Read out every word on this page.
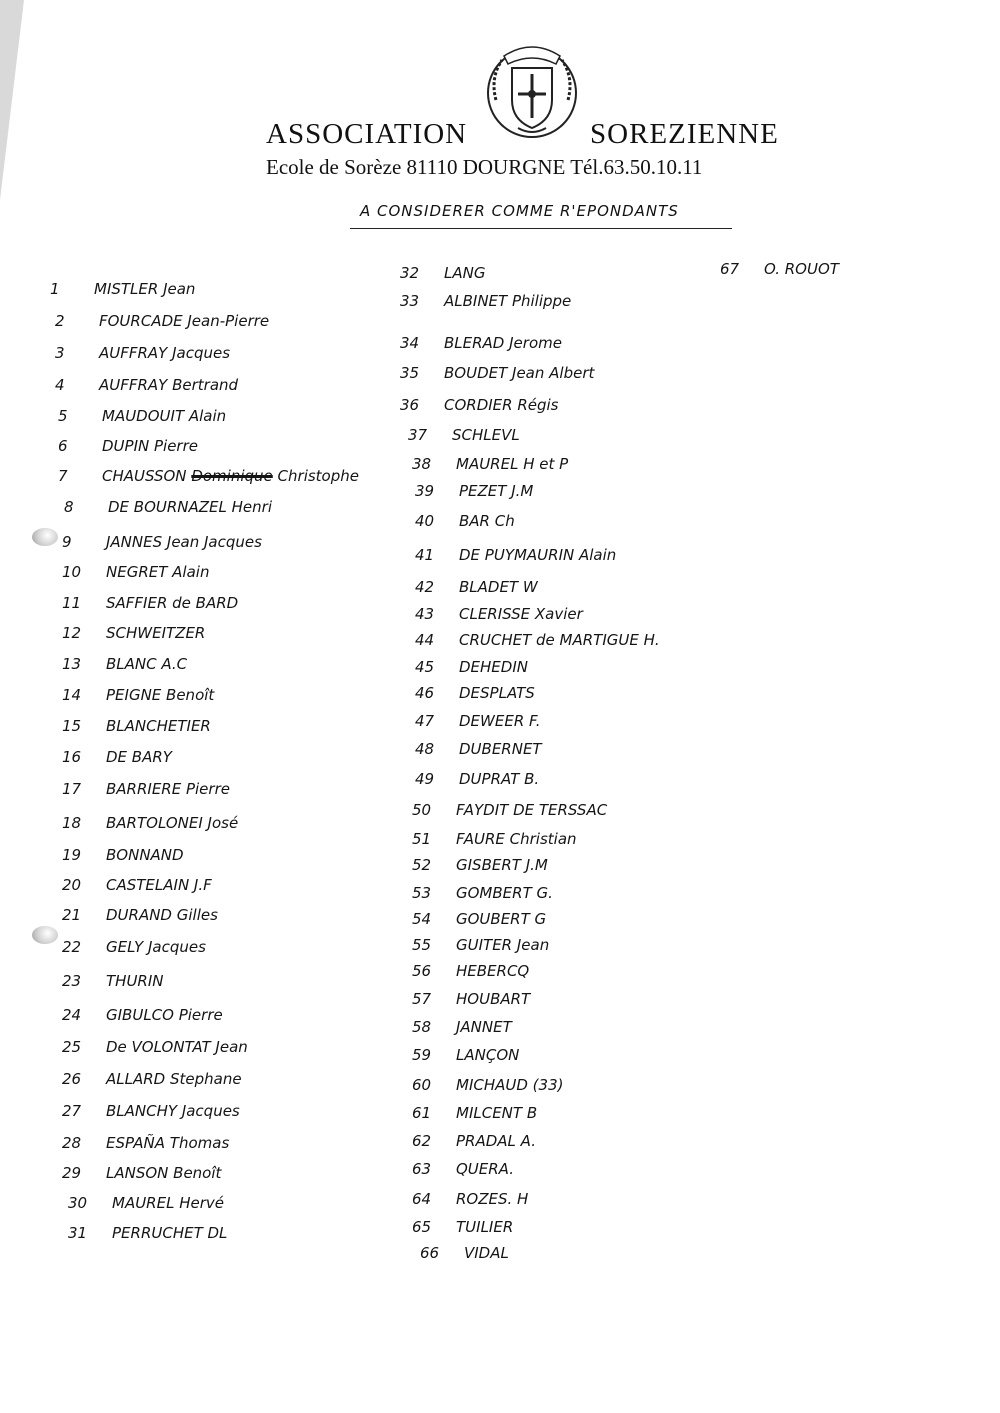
ASSOCIATION	SOREZIENNE
Ecole de Sorèze 81110 DOURGNE Tél.63.50.10.11
A CONSIDERER COMME R'EPONDANTS
1 MISTLER Jean
2 FOURCADE Jean-Pierre
3 AUFFRAY Jacques
4 AUFFRAY Bertrand
5 MAUDOUIT Alain
6 DUPIN Pierre
7 CHAUSSON Dominique Christophe
8 DE BOURNAZEL Henri
9 JANNES Jean Jacques
10 NEGRET Alain
11 SAFFIER de BARD
12 SCHWEITZER
13 BLANC A.C
14 PEIGNE Benoît
15 BLANCHETIER
16 DE BARY
17 BARRIERE Pierre
18 BARTOLONEI José
19 BONNAND
20 CASTELAIN J.F
21 DURAND Gilles
22 GELY Jacques
23 THURIN
24 GIBULCO Pierre
25 De VOLONTAT Jean
26 ALLARD Stephane
27 BLANCHY Jacques
28 ESPAÑA Thomas
29 LANSON Benoît
30 MAUREL Hervé
31 PERRUCHET DL
32 LANG
33 ALBINET Philippe
34 BLERAD Jerome
35 BOUDET Jean Albert
36 CORDIER Régis
37 SCHLEVL
38 MAUREL H et P
39 PEZET J.M
40 BAR Ch
41 DE PUYMAURIN Alain
42 BLADET W
43 CLERISSE Xavier
44 CRUCHET de MARTIGUE H.
45 DEHEDIN
46 DESPLATS
47 DEWEER F.
48 DUBERNET
49 DUPRAT B.
50 FAYDIT DE TERSSAC
51 FAURE Christian
52 GISBERT J.M
53 GOMBERT G.
54 GOUBERT G
55 GUITER Jean
56 HEBERCQ
57 HOUBART
58 JANNET
59 LANÇON
60 MICHAUD (33)
61 MILCENT B
62 PRADAL A.
63 QUERA.
64 ROZES. H
65 TUILIER
66 VIDAL
67 O. ROUOT
